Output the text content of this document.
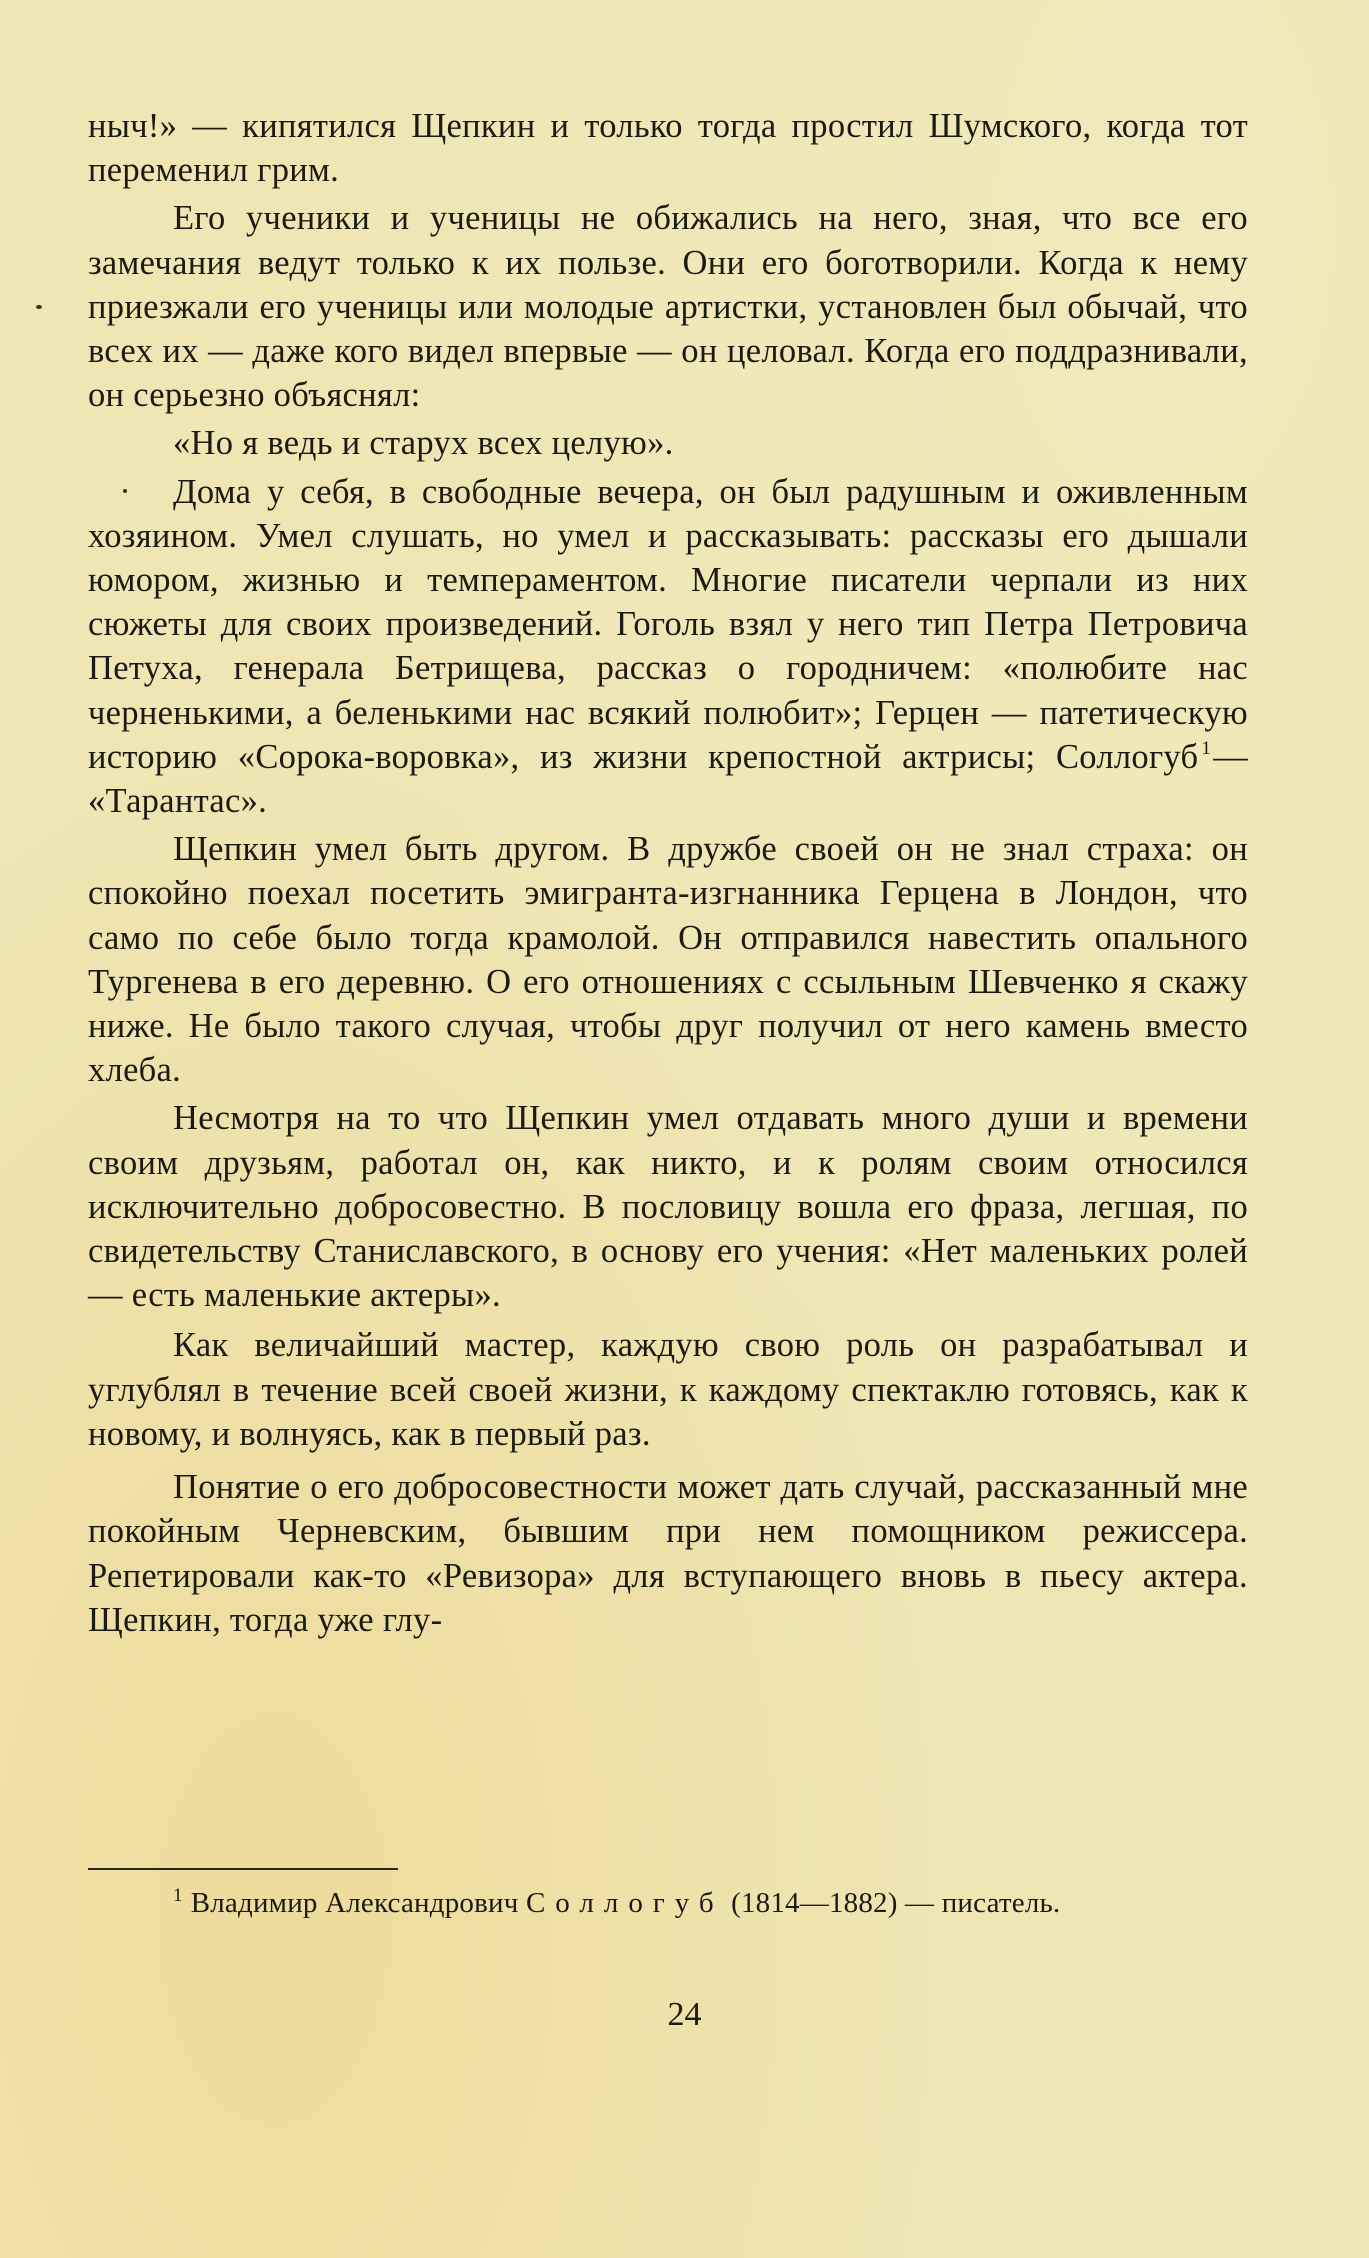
ныч!» — кипятился Щепкин и только тогда простил Шумского, когда тот переменил грим.

Его ученики и ученицы не обижались на него, зная, что все его замечания ведут только к их пользе. Они его боготворили. Когда к нему приезжали его ученицы или молодые артистки, установлен был обычай, что всех их — даже кого видел впервые — он целовал. Когда его поддразнивали, он серьезно объяснял:

«Но я ведь и старух всех целую».

Дома у себя, в свободные вечера, он был радушным и оживленным хозяином. Умел слушать, но умел и рассказывать: рассказы его дышали юмором, жизнью и темпераментом. Многие писатели черпали из них сюжеты для своих произведений. Гоголь взял у него тип Петра Петровича Петуха, генерала Бетрищева, рассказ о городничем: «полюбите нас черненькими, а беленькими нас всякий полюбит»; Герцен — патетическую историю «Сорока-воровка», из жизни крепостной актрисы; Соллогуб $^1$— «Тарантас».

Щепкин умел быть другом. В дружбе своей он не знал страха: он спокойно поехал посетить эмигранта-изгнанника Герцена в Лондон, что само по себе было тогда крамолой. Он отправился навестить опального Тургенева в его деревню. О его отношениях с ссыльным Шевченко я скажу ниже. Не было такого случая, чтобы друг получил от него камень вместо хлеба.

Несмотря на то что Щепкин умел отдавать много души и времени своим друзьям, работал он, как никто, и к ролям своим относился исключительно добросовестно. В пословицу вошла его фраза, легшая, по свидетельству Станиславского, в основу его учения: «Нет маленьких ролей — есть маленькие актеры».

Как величайший мастер, каждую свою роль он разрабатывал и углублял в течение всей своей жизни, к каждому спектаклю готовясь, как к новому, и волнуясь, как в первый раз.

Понятие о его добросовестности может дать случай, рассказанный мне покойным Черневским, бывшим при нем помощником режиссера. Репетировали как-то «Ревизора» для вступающего вновь в пьесу актера. Щепкин, тогда уже глу-

$^1$ Владимир Александрович Соллогуб (1814—1882) — писатель.
24
